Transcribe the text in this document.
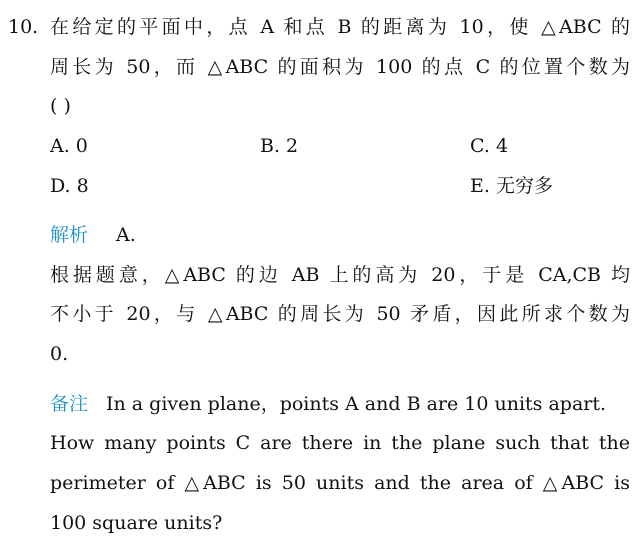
10. 在给定的平面中，点 A 和点 B 的距离为 10，使 △ABC 的
周长为 50，而 △ABC 的面积为 100 的点 C 的位置个数为
( )
A. 0	B. 2	C. 4
D. 8	E. 无穷多
解析 A.
根据题意，△ABC 的边 AB 上的高为 20，于是 CA,CB 均
不小于 20，与 △ABC 的周长为 50 矛盾，因此所求个数为
0.
备注 In a given plane，points A and B are 10 units apart.
How many points C are there in the plane such that the
perimeter of △ABC is 50 units and the area of △ABC is
100 square units?
